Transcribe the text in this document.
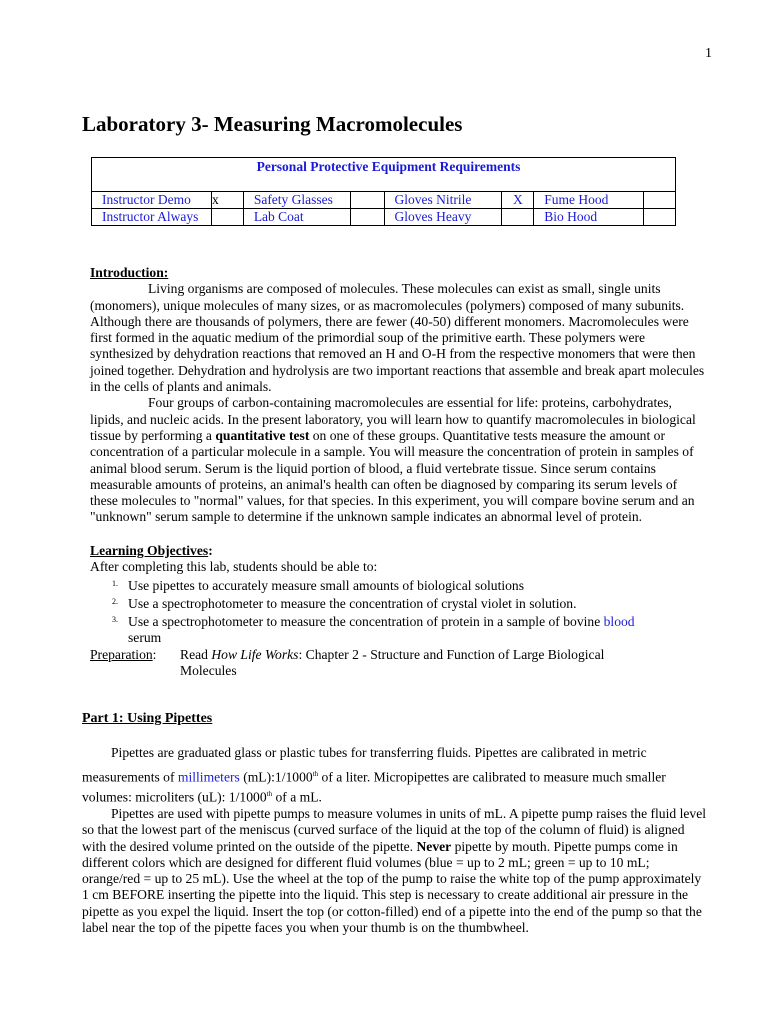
1
Laboratory 3- Measuring Macromolecules
Personal Protective Equipment Requirements							
Instructor Demo	x	Safety Glasses		Gloves Nitrile	X	Fume Hood	
Instructor Always		Lab Coat		Gloves Heavy		Bio Hood	

Introduction:

Living organisms are composed of molecules. These molecules can exist as small, single units (monomers), unique molecules of many sizes, or as macromolecules (polymers) composed of many subunits. Although there are thousands of polymers, there are fewer (40-50) different monomers. Macromolecules were first formed in the aquatic medium of the primordial soup of the primitive earth. These polymers were synthesized by dehydration reactions that removed an H and O-H from the respective monomers that were then joined together. Dehydration and hydrolysis are two important reactions that assemble and break apart molecules in the cells of plants and animals.

Four groups of carbon-containing macromolecules are essential for life: proteins, carbohydrates, lipids, and nucleic acids. In the present laboratory, you will learn how to quantify macromolecules in biological tissue by performing a quantitative test on one of these groups. Quantitative tests measure the amount or concentration of a particular molecule in a sample. You will measure the concentration of protein in samples of animal blood serum. Serum is the liquid portion of blood, a fluid vertebrate tissue. Since serum contains measurable amounts of proteins, an animal's health can often be diagnosed by comparing its serum levels of these molecules to "normal" values, for that species. In this experiment, you will compare bovine serum and an "unknown" serum sample to determine if the unknown sample indicates an abnormal level of protein.

Learning Objectives:

After completing this lab, students should be able to:

1. Use pipettes to accurately measure small amounts of biological solutions
2. Use a spectrophotometer to measure the concentration of crystal violet in solution.
3. Use a spectrophotometer to measure the concentration of protein in a sample of bovine blood
serum
Preparation:	Read How Life Works: Chapter 2 - Structure and Function of Large Biological Molecules
Part 1: Using Pipettes

Pipettes are graduated glass or plastic tubes for transferring fluids. Pipettes are calibrated in metric

measurements of millimeters (mL):1/1000th of a liter. Micropipettes are calibrated to measure much smaller volumes: microliters (uL): 1/1000th of a mL.

Pipettes are used with pipette pumps to measure volumes in units of mL. A pipette pump raises the fluid level so that the lowest part of the meniscus (curved surface of the liquid at the top of the column of fluid) is aligned with the desired volume printed on the outside of the pipette. Never pipette by mouth. Pipette pumps come in different colors which are designed for different fluid volumes (blue = up to 2 mL; green = up to 10 mL; orange/red = up to 25 mL). Use the wheel at the top of the pump to raise the white top of the pump approximately 1 cm BEFORE inserting the pipette into the liquid. This step is necessary to create additional air pressure in the pipette as you expel the liquid. Insert the top (or cotton-filled) end of a pipette into the end of the pump so that the label near the top of the pipette faces you when your thumb is on the thumbwheel.
